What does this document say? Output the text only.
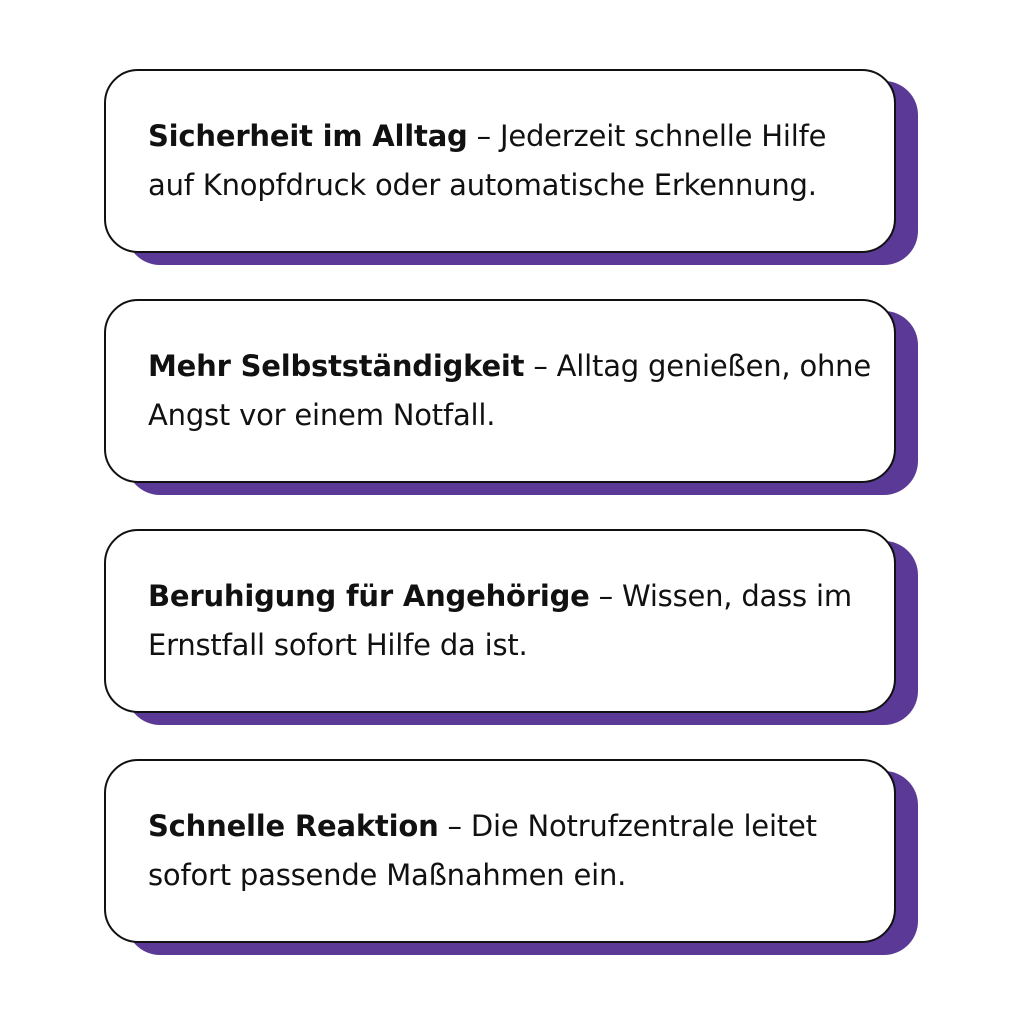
Sicherheit im Alltag – Jederzeit schnelle Hilfe auf Knopfdruck oder automatische Erkennung.
Mehr Selbstständigkeit – Alltag genießen, ohne Angst vor einem Notfall.
Beruhigung für Angehörige – Wissen, dass im Ernstfall sofort Hilfe da ist.
Schnelle Reaktion – Die Notrufzentrale leitet sofort passende Maßnahmen ein.
